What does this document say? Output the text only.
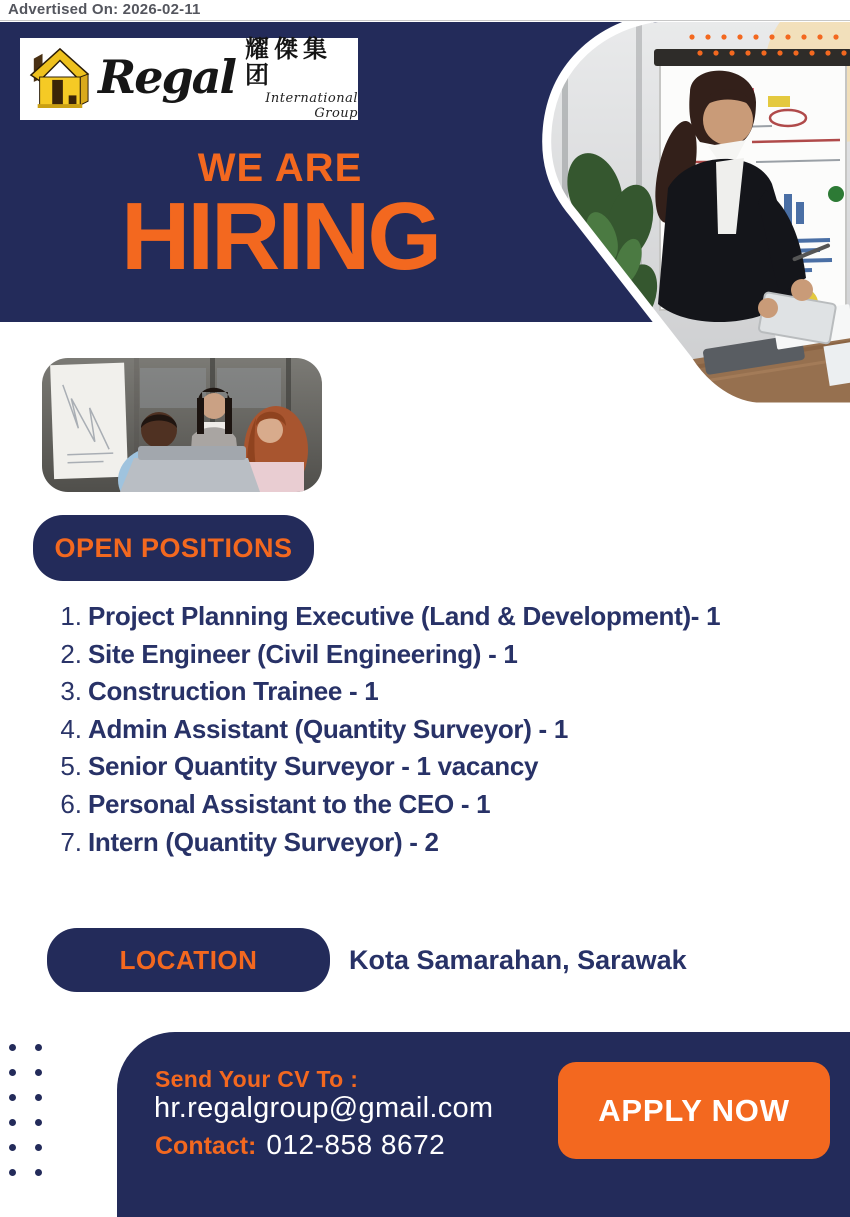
Advertised On: 2026-02-11
Regal
耀傑集团
International Group
WE ARE
HIRING
OPEN POSITIONS
1. Project Planning Executive (Land & Development)- 1
2. Site Engineer (Civil Engineering) - 1
3. Construction Trainee - 1
4. Admin Assistant (Quantity Surveyor) - 1
5. Senior Quantity Surveyor - 1 vacancy
6. Personal Assistant to the CEO - 1
7. Intern (Quantity Surveyor) - 2
LOCATION	Kota Samarahan, Sarawak
Send Your CV To :
hr.regalgroup@gmail.com
Contact: 012-858 8672
APPLY NOW
